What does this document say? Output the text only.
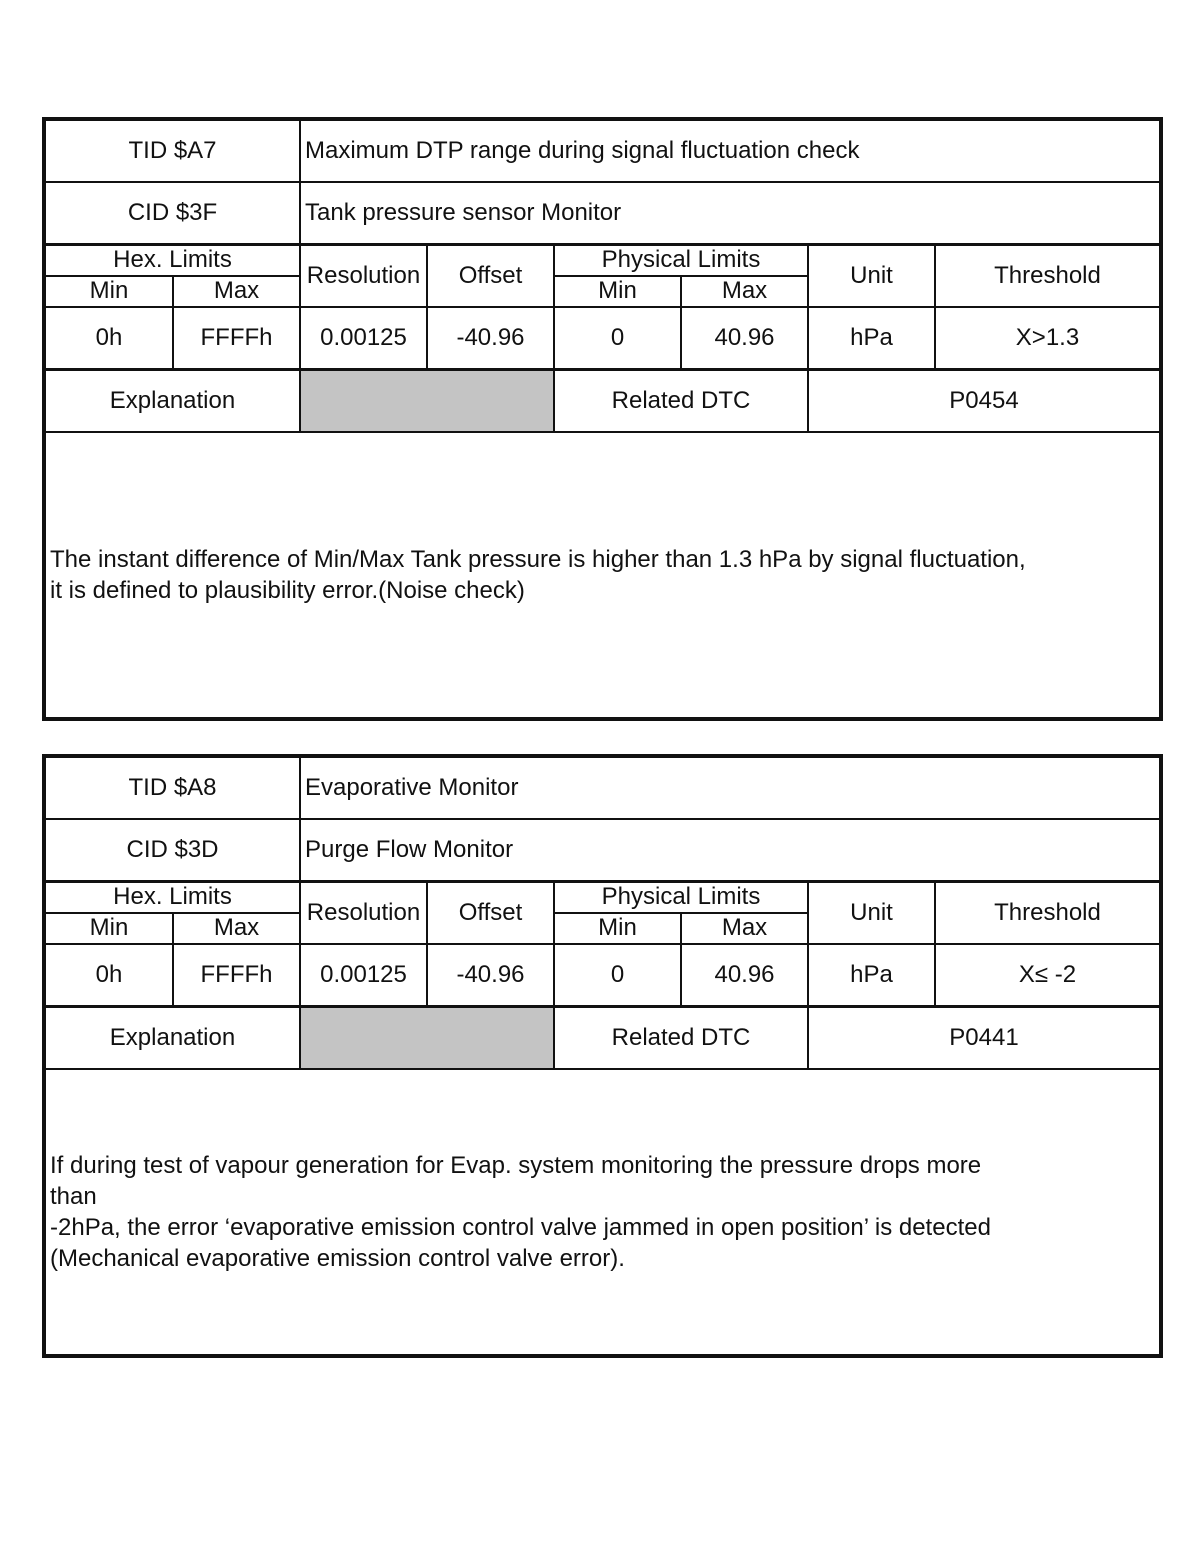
TID $A7		Maximum DTP range during signal fluctuation check					
CID $3F		Tank pressure sensor Monitor					
Hex. Limits		Resolution	Offset	Physical Limits		Unit	Threshold
Min	Max			Min	Max		
0h	FFFFh	0.00125	-40.96	0	40.96	hPa	X>1.3
Explanation				Related DTC		P0454	

The instant difference of Min/Max Tank pressure is higher than 1.3 hPa by signal fluctuation,
it is defined to plausibility error.(Noise check)							
TID $A8		Evaporative Monitor					
CID $3D		Purge Flow Monitor					
Hex. Limits		Resolution	Offset	Physical Limits		Unit	Threshold
Min	Max			Min	Max		
0h	FFFFh	0.00125	-40.96	0	40.96	hPa	X≤ -2
Explanation				Related DTC		P0441	

If during test of vapour generation for Evap. system monitoring the pressure drops more
than
-2hPa, the error ‘evaporative emission control valve jammed in open position’ is detected
(Mechanical evaporative emission control valve error).							
